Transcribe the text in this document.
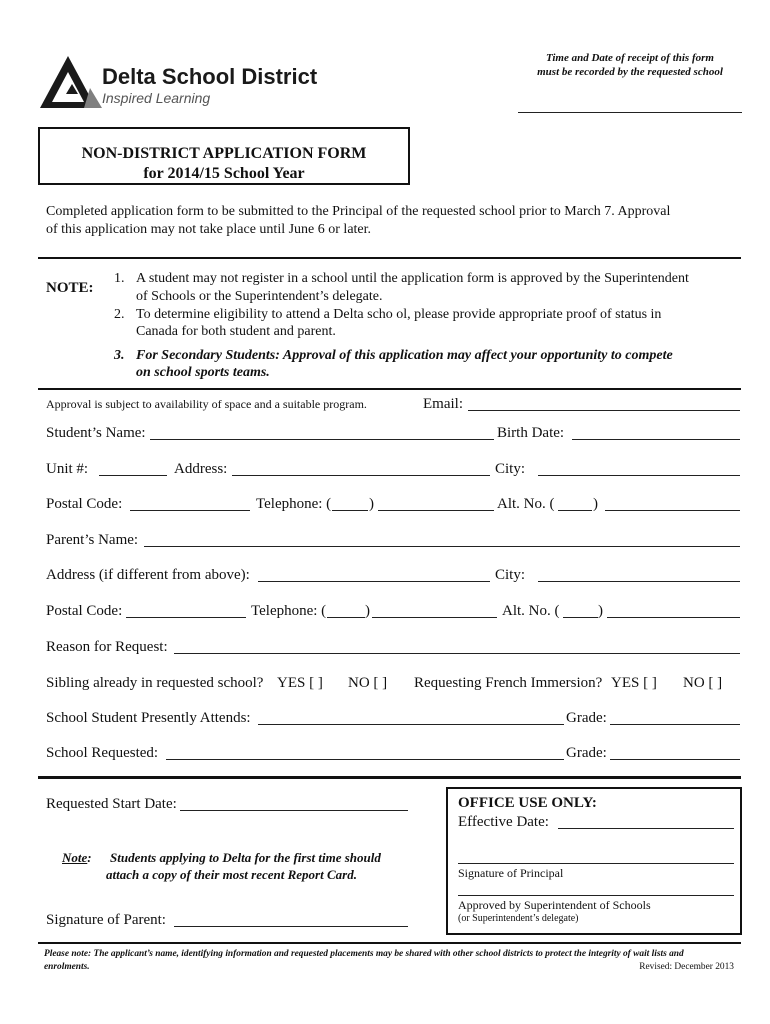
Delta School District
Inspired Learning
Time and Date of receipt of this form
must be recorded by the requested school
NON-DISTRICT APPLICATION FORM
for 2014/15 School Year
Completed application form to be submitted to the Principal of the requested school prior to March 7. Approval
of this application may not take place until June 6 or later.
NOTE:
1. A student may not register in a school until the application form is approved by the Superintendent
of Schools or the Superintendent’s delegate.
2. To determine eligibility to attend a Delta scho ol, please provide appropriate proof of status in
Canada for both student and parent.
3. For Secondary Students: Approval of this application may affect your opportunity to compete
on school sports teams.
Approval is subject to availability of space and a suitable program.	Email:
Student’s Name:	Birth Date:
Unit #:	Address:	City:
Postal Code:	Telephone: (	)	Alt. No. (	)
Parent’s Name:
Address (if different from above):	City:
Postal Code:	Telephone: (	)	Alt. No. (	)
Reason for Request:
Sibling already in requested school? YES [ ] NO [ ] Requesting French Immersion? YES [ ] NO [ ]
School Student Presently Attends:	Grade:
School Requested:	Grade:
Requested Start Date:
Note: Students applying to Delta for the first time should
attach a copy of their most recent Report Card.
Signature of Parent:
OFFICE USE ONLY:
Effective Date:
Signature of Principal
Approved by Superintendent of Schools
(or Superintendent’s delegate)
Please note: The applicant’s name, identifying information and requested placements may be shared with other school districts to protect the integrity of wait lists and
enrolments.	Revised: December 2013
